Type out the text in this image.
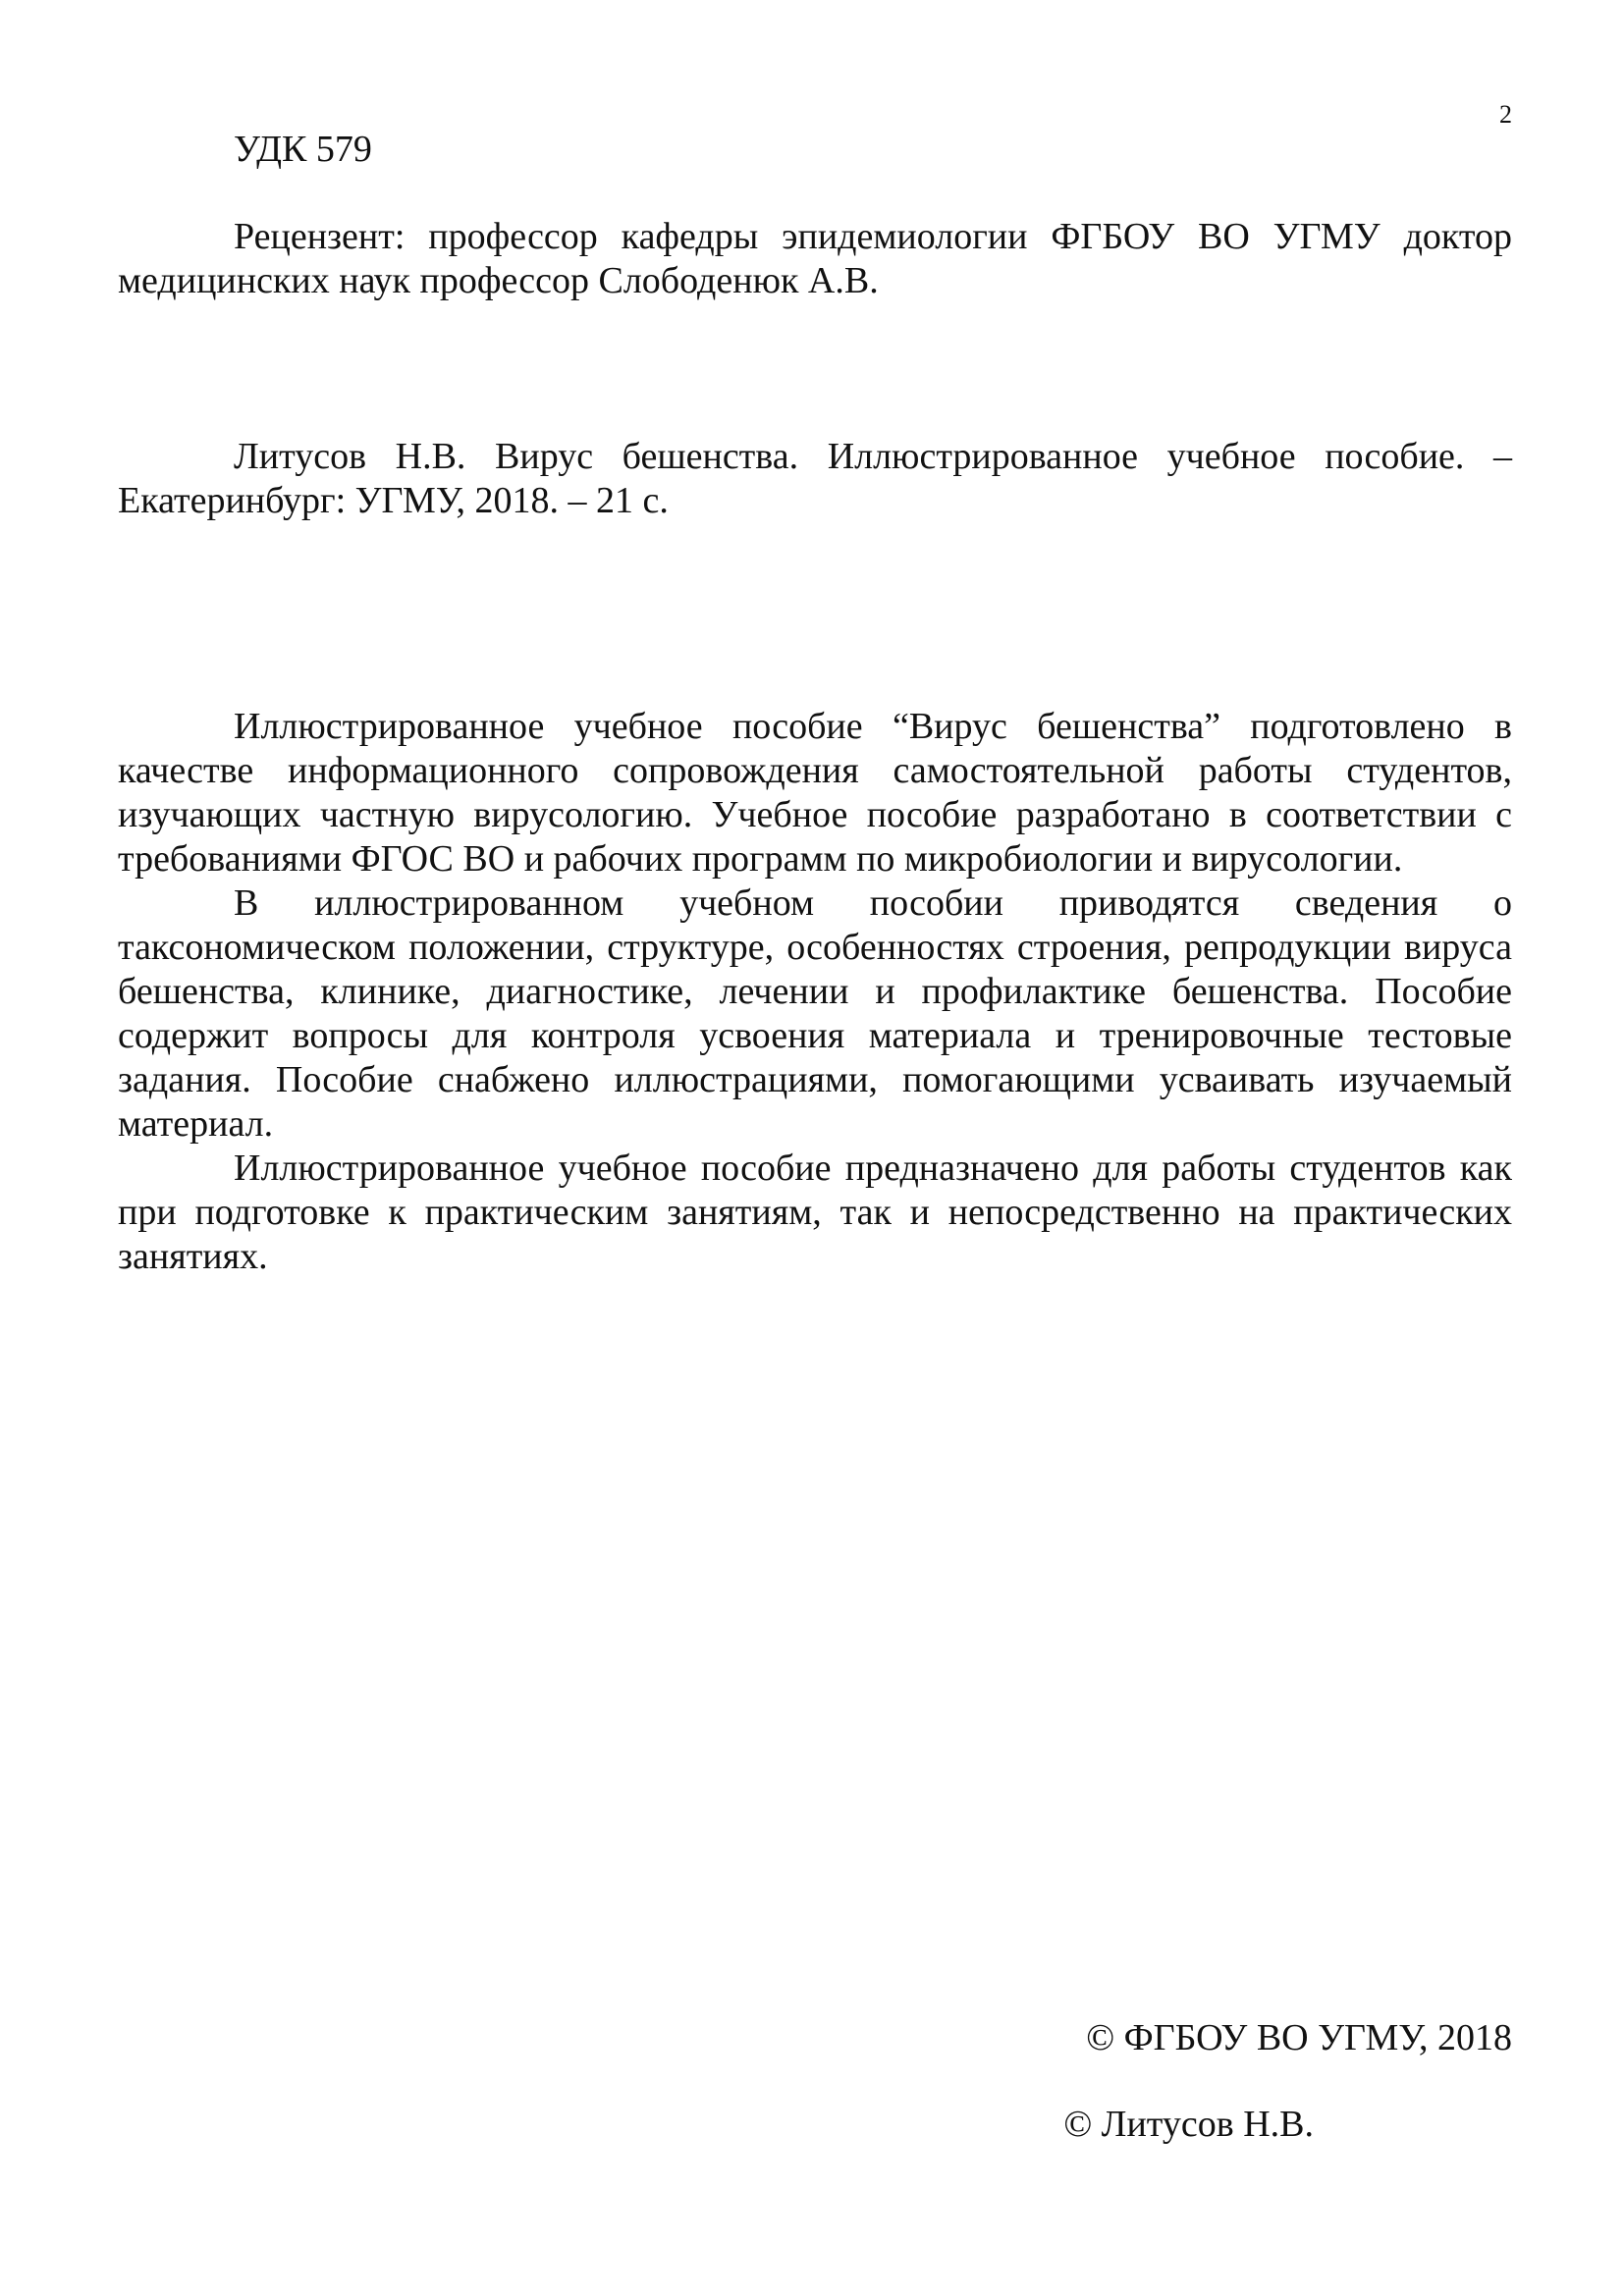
2
УДК 579
Рецензент: профессор кафедры эпидемиологии ФГБОУ ВО УГМУ доктор медицинских наук профессор Слободенюк А.В.
Литусов Н.В. Вирус бешенства. Иллюстрированное учебное пособие. – Екатеринбург: УГМУ, 2018. – 21 с.

Иллюстрированное учебное пособие “Вирус бешенства” подготовлено в качестве информационного сопровождения самостоятельной работы студентов, изучающих частную вирусологию. Учебное пособие разработано в соответствии с требованиями ФГОС ВО и рабочих программ по микробиологии и вирусологии.

В иллюстрированном учебном пособии приводятся сведения о таксономическом положении, структуре, особенностях строения, репродукции вируса бешенства, клинике, диагностике, лечении и профилактике бешенства. Пособие содержит вопросы для контроля усвоения материала и тренировочные тестовые задания. Пособие снабжено иллюстрациями, помогающими усваивать изучаемый материал.

Иллюстрированное учебное пособие предназначено для работы студентов как при подготовке к практическим занятиям, так и непосредственно на практических занятиях.

© ФГБОУ ВО УГМУ, 2018
© Литусов Н.В.
